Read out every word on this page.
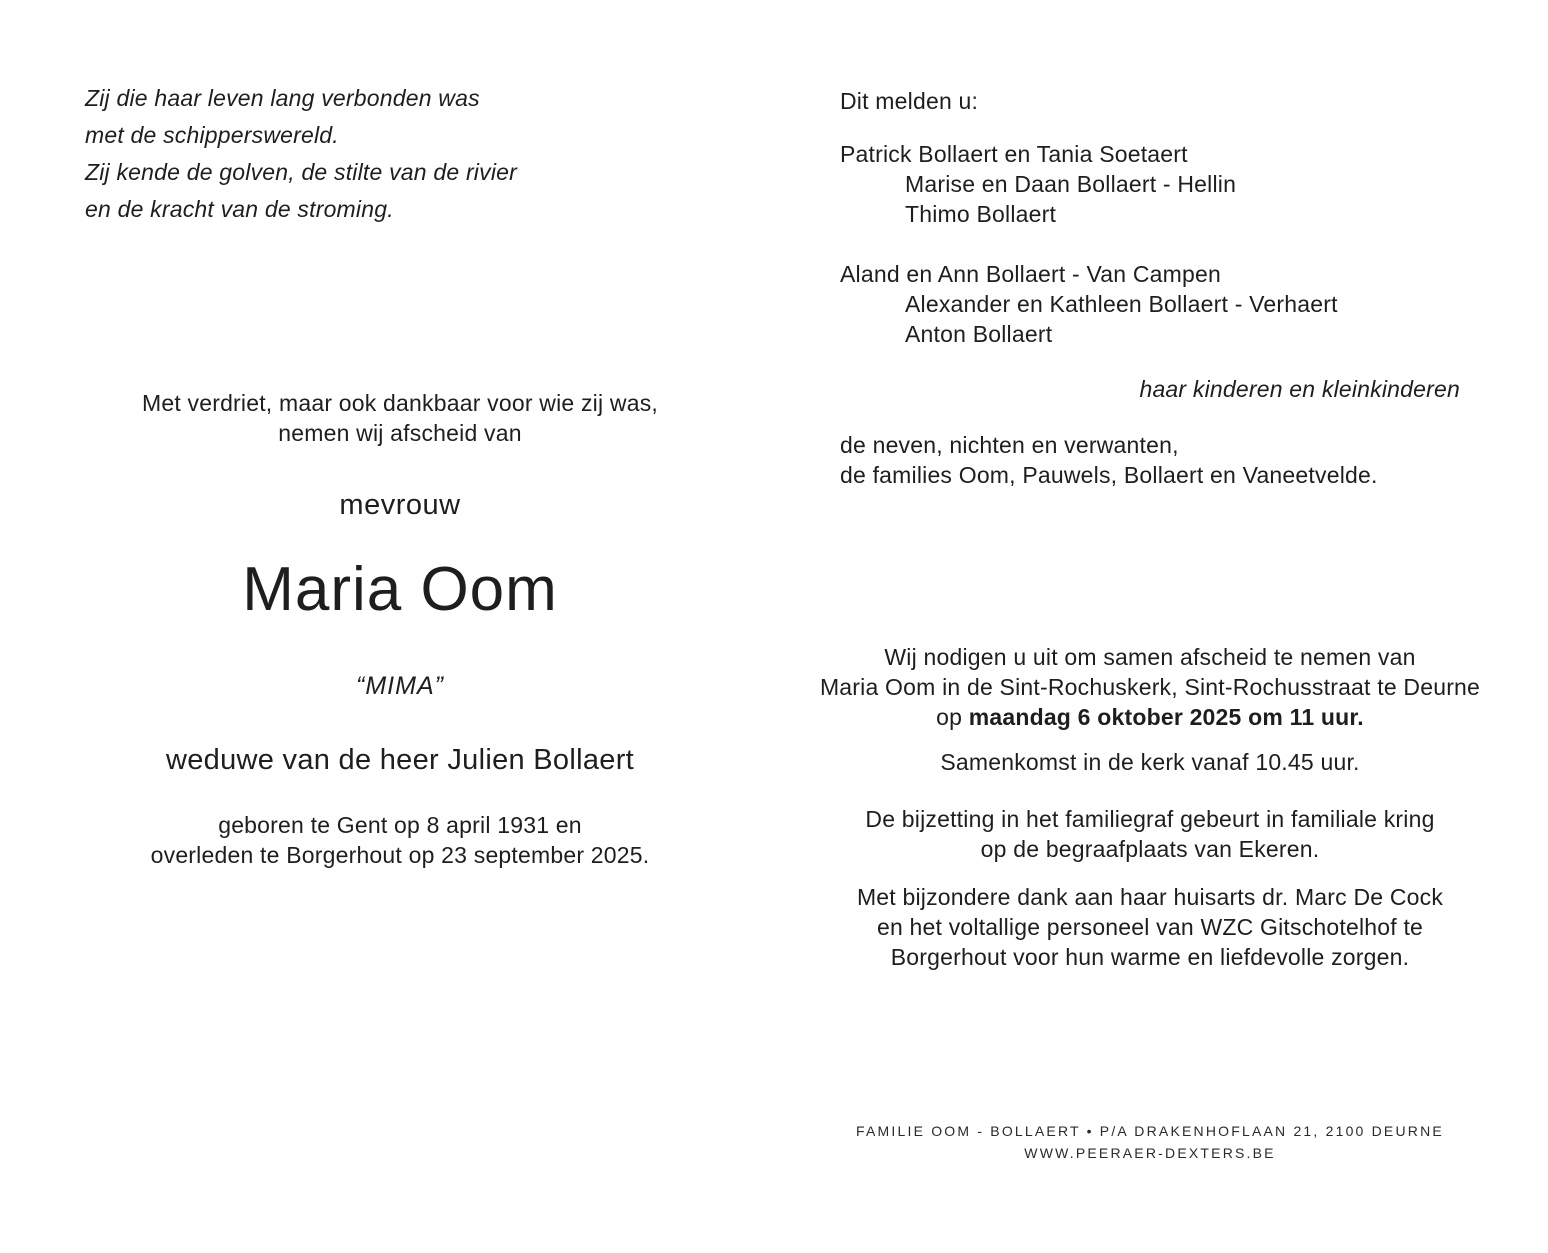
Zij die haar leven lang verbonden was
met de schipperswereld.
Zij kende de golven, de stilte van de rivier
en de kracht van de stroming.
Met verdriet, maar ook dankbaar voor wie zij was,
nemen wij afscheid van
mevrouw
Maria Oom
“MIMA”
weduwe van de heer Julien Bollaert
geboren te Gent op 8 april 1931 en
overleden te Borgerhout op 23 september 2025.
Dit melden u:
Patrick Bollaert en Tania Soetaert
Marise en Daan Bollaert - Hellin
Thimo Bollaert
Aland en Ann Bollaert - Van Campen
Alexander en Kathleen Bollaert - Verhaert
Anton Bollaert
haar kinderen en kleinkinderen
de neven, nichten en verwanten,
de families Oom, Pauwels, Bollaert en Vaneetvelde.
Wij nodigen u uit om samen afscheid te nemen van
Maria Oom in de Sint-Rochuskerk, Sint-Rochusstraat te Deurne
op maandag 6 oktober 2025 om 11 uur.
Samenkomst in de kerk vanaf 10.45 uur.
De bijzetting in het familiegraf gebeurt in familiale kring
op de begraafplaats van Ekeren.
Met bijzondere dank aan haar huisarts dr. Marc De Cock
en het voltallige personeel van WZC Gitschotelhof te
Borgerhout voor hun warme en liefdevolle zorgen.
FAMILIE OOM - BOLLAERT • P/A DRAKENHOFLAAN 21, 2100 DEURNE
WWW.PEERAER-DEXTERS.BE
